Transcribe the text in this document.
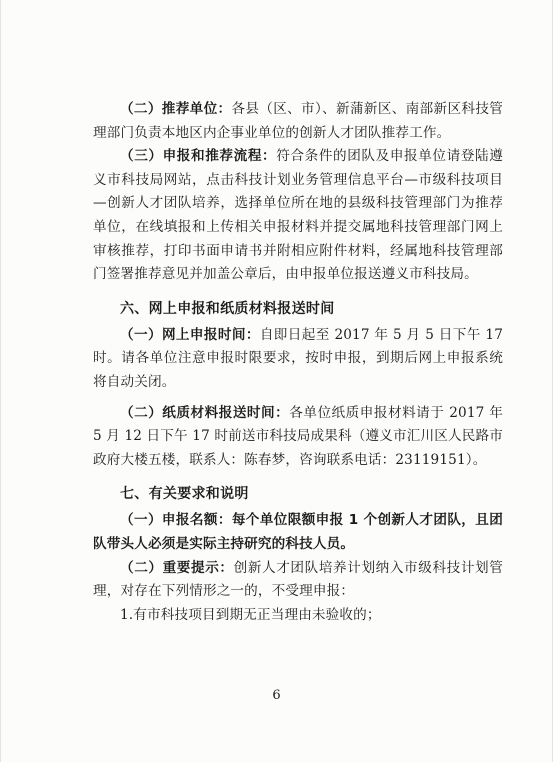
（二）推荐单位：各县（区、市）、新蒲新区、南部新区科技管理部门负责本地区内企事业单位的创新人才团队推荐工作。

（三）申报和推荐流程：符合条件的团队及申报单位请登陆遵义市科技局网站，点击科技计划业务管理信息平台—市级科技项目—创新人才团队培养，选择单位所在地的县级科技管理部门为推荐单位，在线填报和上传相关申报材料并提交属地科技管理部门网上审核推荐，打印书面申请书并附相应附件材料，经属地科技管理部门签署推荐意见并加盖公章后，由申报单位报送遵义市科技局。

六、网上申报和纸质材料报送时间

（一）网上申报时间：自即日起至 2017 年 5 月 5 日下午 17 时。请各单位注意申报时限要求，按时申报，到期后网上申报系统将自动关闭。

（二）纸质材料报送时间：各单位纸质申报材料请于 2017 年 5 月 12 日下午 17 时前送市科技局成果科（遵义市汇川区人民路市政府大楼五楼，联系人：陈春梦，咨询联系电话：23119151）。

七、有关要求和说明

（一）申报名额：每个单位限额申报 1 个创新人才团队，且团队带头人必须是实际主持研究的科技人员。

（二）重要提示：创新人才团队培养计划纳入市级科技计划管理，对存在下列情形之一的，不受理申报：

1.有市科技项目到期无正当理由未验收的；

6
